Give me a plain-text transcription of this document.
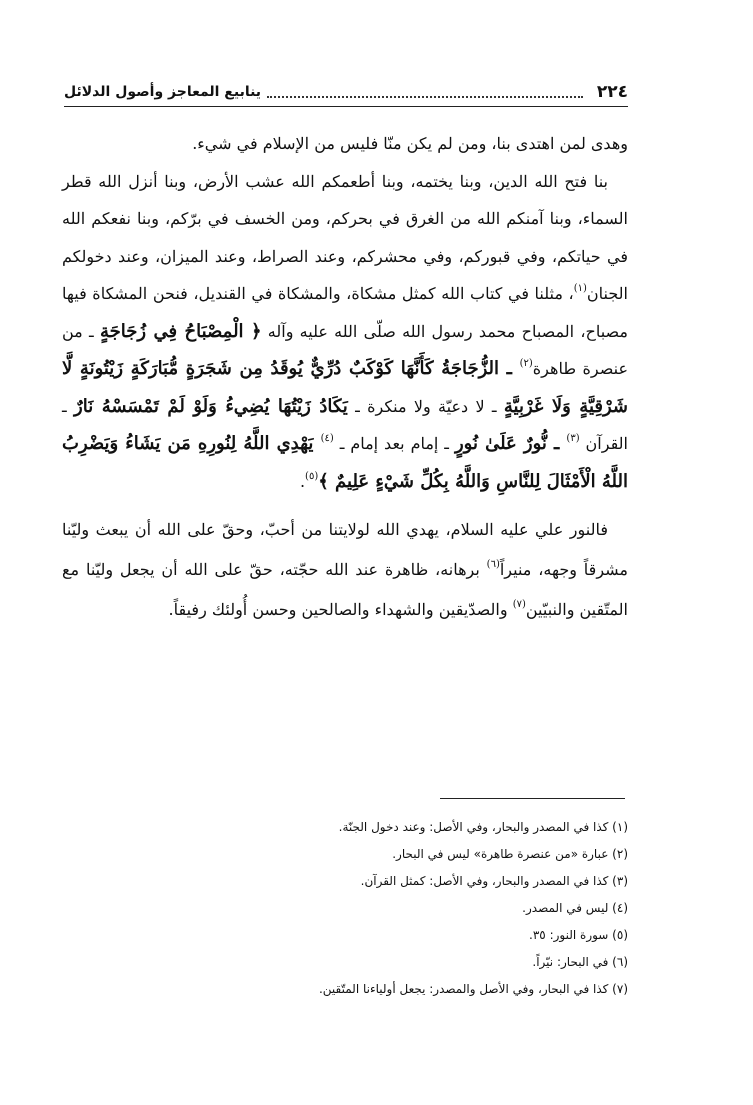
٢٢٤
ينابيع المعاجز وأصول الدلائل

وهدى لمن اهتدى بنا، ومن لم يكن منّا فليس من الإسلام في شيء.

بنا فتح الله الدين، وبنا يختمه، وبنا أطعمكم الله عشب الأرض، وبنا أنزل الله قطر السماء، وبنا آمنكم الله من الغرق في بحركم، ومن الخسف في برّكم، وبنا نفعكم الله في حياتكم، وفي قبوركم، وفي محشركم، وعند الصراط، وعند الميزان، وعند دخولكم الجنان$^{(١)}$، مثلنا في كتاب الله كمثل مشكاة، والمشكاة في القنديل، فنحن المشكاة فيها مصباح، المصباح محمد رسول الله صلّى الله عليه وآله ﴿ الْمِصْبَاحُ فِي زُجَاجَةٍ ـ من عنصرة طاهرة$^{(٢)}$ ـ الزُّجَاجَةُ كَأَنَّهَا كَوْكَبٌ دُرِّيٌّ يُوقَدُ مِن شَجَرَةٍ مُّبَارَكَةٍ زَيْتُونَةٍ لَّا شَرْقِيَّةٍ وَلَا غَرْبِيَّةٍ ـ لا دعيّة ولا منكرة ـ يَكَادُ زَيْتُهَا يُضِيءُ وَلَوْ لَمْ تَمْسَسْهُ نَارٌ ـ القرآن $^{(٣)}$ ـ نُّورٌ عَلَىٰ نُورٍ ـ إمام بعد إمام ـ $^{(٤)}$ يَهْدِي اللَّهُ لِنُورِهِ مَن يَشَاءُ وَيَضْرِبُ اللَّهُ الْأَمْثَالَ لِلنَّاسِ وَاللَّهُ بِكُلِّ شَيْءٍ عَلِيمٌ ﴾$^{(٥)}$.

فالنور علي عليه السلام، يهدي الله لولايتنا من أحبّ، وحقّ على الله أن يبعث وليّنا مشرقاً وجهه، منيراً$^{(٦)}$ برهانه، ظاهرة عند الله حجّته، حقّ على الله أن يجعل وليّنا مع المتّقين والنبيّين$^{(٧)}$ والصدّيقين والشهداء والصالحين وحسن أُولئك رفيقاً.

(١) كذا في المصدر والبحار، وفي الأصل: وعند دخول الجنّة.
(٢) عبارة «من عنصرة طاهرة» ليس في البحار.
(٣) كذا في المصدر والبحار، وفي الأصل: كمثل القرآن.
(٤) ليس في المصدر.
(٥) سورة النور: ٣٥.
(٦) في البحار: نيّراً.
(٧) كذا في البحار، وفي الأصل والمصدر: يجعل أولياءنا المتّقين.
